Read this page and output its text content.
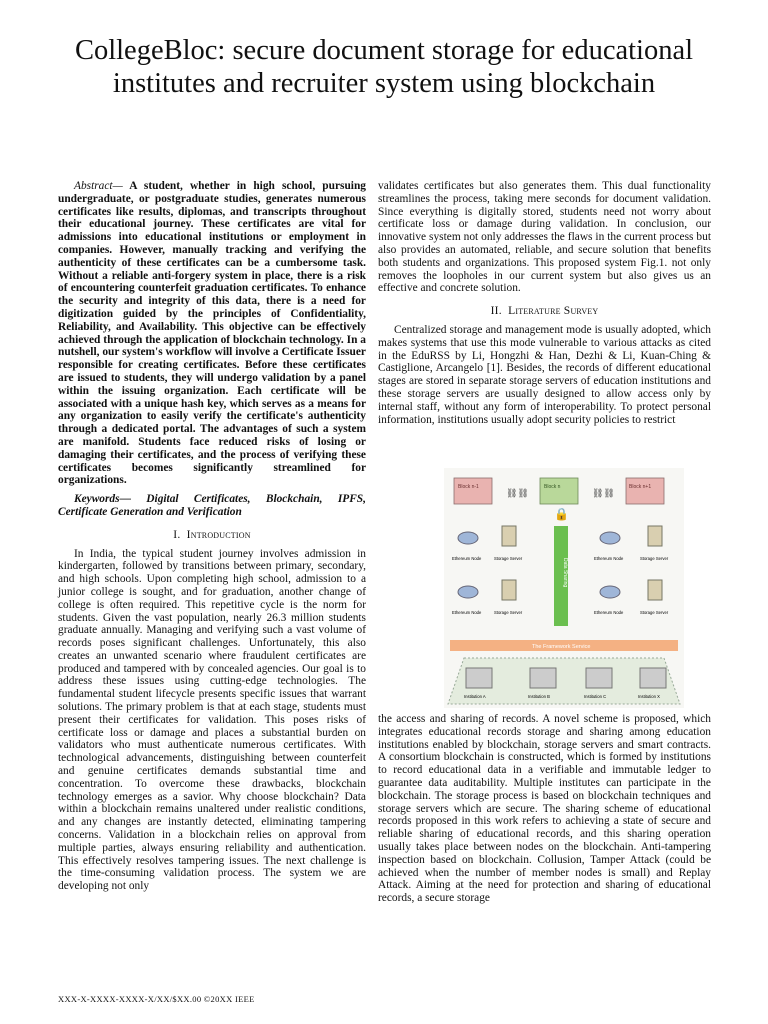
CollegeBloc: secure document storage for educational institutes and recruiter system using blockchain

Abstract— A student, whether in high school, pursuing undergraduate, or postgraduate studies, generates numerous certificates like results, diplomas, and transcripts throughout their educational journey. These certificates are vital for admissions into educational institutions or employment in companies. However, manually tracking and verifying the authenticity of these certificates can be a cumbersome task. Without a reliable anti-forgery system in place, there is a risk of encountering counterfeit graduation certificates. To enhance the security and integrity of this data, there is a need for digitization guided by the principles of Confidentiality, Reliability, and Availability. This objective can be effectively achieved through the application of blockchain technology. In a nutshell, our system's workflow will involve a Certificate Issuer responsible for creating certificates. Before these certificates are issued to students, they will undergo validation by a panel within the issuing organization. Each certificate will be associated with a unique hash key, which serves as a means for any organization to easily verify the certificate's authenticity through a dedicated portal. The advantages of such a system are manifold. Students face reduced risks of losing or damaging their certificates, and the process of verifying these certificates becomes significantly streamlined for organizations.

Keywords— Digital Certificates, Blockchain, IPFS, Certificate Generation and Verification

I. Introduction

In India, the typical student journey involves admission in kindergarten, followed by transitions between primary, secondary, and high schools. Upon completing high school, admission to a junior college is sought, and for graduation, another change of college is often required. This repetitive cycle is the norm for students. Given the vast population, nearly 26.3 million students graduate annually. Managing and verifying such a vast volume of records poses significant challenges. Unfortunately, this also creates an unwanted scenario where fraudulent certificates are produced and tampered with by concealed agencies. Our goal is to address these issues using cutting-edge technologies. The fundamental student lifecycle presents specific issues that warrant solutions. The primary problem is that at each stage, students must present their certificates for validation. This poses risks of certificate loss or damage and places a substantial burden on validators who must authenticate numerous certificates. With technological advancements, distinguishing between counterfeit and genuine certificates demands substantial time and concentration. To overcome these drawbacks, blockchain technology emerges as a savior. Why choose blockchain? Data within a blockchain remains unaltered under realistic conditions, and any changes are instantly detected, eliminating tampering concerns. Validation in a blockchain relies on approval from multiple parties, always ensuring reliability and authentication. This effectively resolves tampering issues. The next challenge is the time-consuming validation process. The system we are developing not only

validates certificates but also generates them. This dual functionality streamlines the process, taking mere seconds for document validation. Since everything is digitally stored, students need not worry about certificate loss or damage during validation. In conclusion, our innovative system not only addresses the flaws in the current process but also provides an automated, reliable, and secure solution that benefits both students and organizations. This proposed system Fig.1. not only removes the loopholes in our current system but also gives us an effective and concrete solution.

II. Literature Survey

Centralized storage and management mode is usually adopted, which makes systems that use this mode vulnerable to various attacks as cited in the EduRSS by Li, Hongzhi & Han, Dezhi & Li, Kuan-Ching & Castiglione, Arcangelo [1]. Besides, the records of different educational stages are stored in separate storage servers of education institutions and these storage servers are usually designed to allow access only by internal staff, without any form of interoperability. To protect personal information, institutions usually adopt security policies to restrict

Block n-1	Block n	Block n+1
⛓⛓	⛓⛓
🔒
Ethereum Node	Storage Server
Ethereum Node	Storage Server
Ethereum Node	Storage Server
Ethereum Node	Storage Server
Data Sharing
The Framework Service
Institution A	Institution B	Institution C	Institution X

the access and sharing of records. A novel scheme is proposed, which integrates educational records storage and sharing among education institutions enabled by blockchain, storage servers and smart contracts. A consortium blockchain is constructed, which is formed by institutions to record educational data in a verifiable and immutable ledger to guarantee data auditability. Multiple institutes can participate in the blockchain. The storage process is based on blockchain techniques and storage servers which are secure. The sharing scheme of educational records proposed in this work refers to achieving a state of secure and reliable sharing of educational records, and this sharing operation usually takes place between nodes on the blockchain. Anti-tampering inspection based on blockchain. Collusion, Tamper Attack (could be achieved when the number of member nodes is small) and Replay Attack. Aiming at the need for protection and sharing of educational records, a secure storage

XXX-X-XXXX-XXXX-X/XX/$XX.00 ©20XX IEEE
